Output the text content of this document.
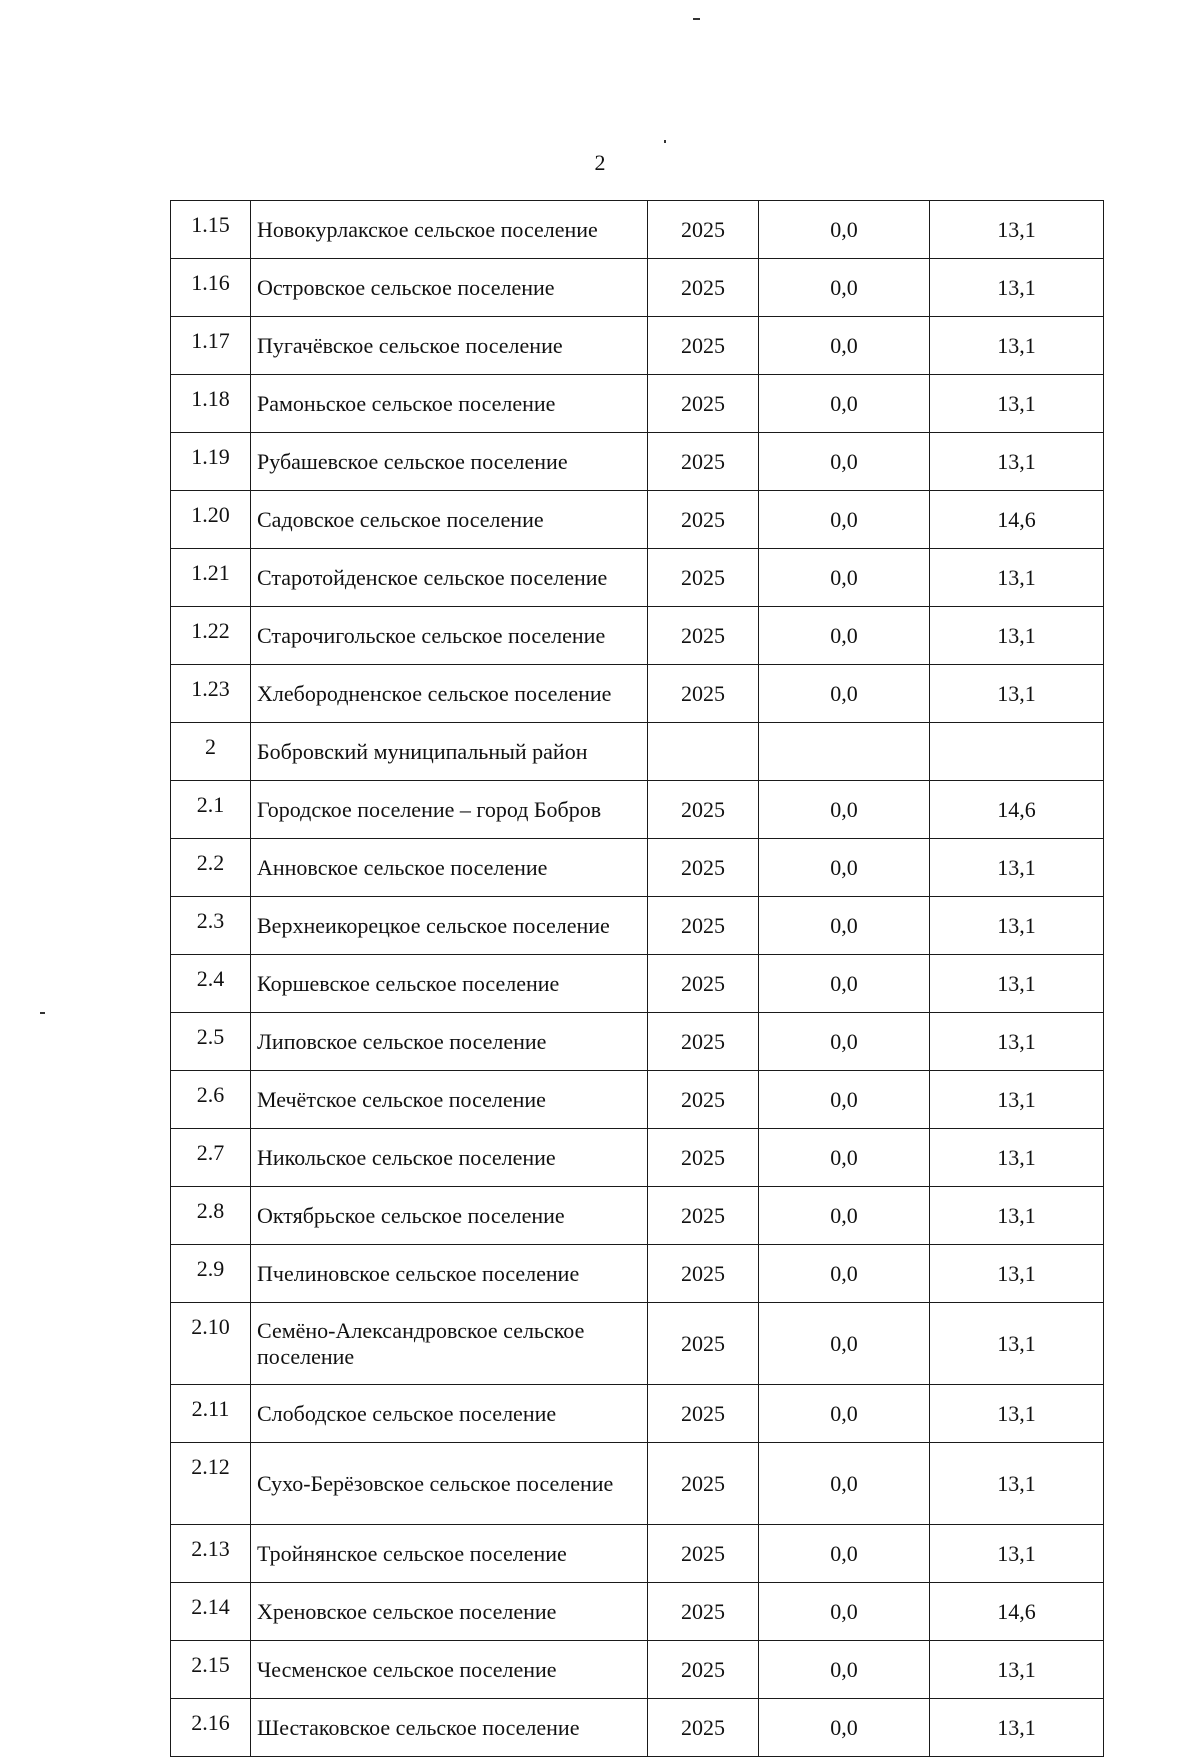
2
1.15	Новокурлакское сельское поселение	2025	0,0	13,1
1.16	Островское сельское поселение	2025	0,0	13,1
1.17	Пугачёвское сельское поселение	2025	0,0	13,1
1.18	Рамоньское сельское поселение	2025	0,0	13,1
1.19	Рубашевское сельское поселение	2025	0,0	13,1
1.20	Садовское сельское поселение	2025	0,0	14,6
1.21	Старотойденское сельское поселение	2025	0,0	13,1
1.22	Старочигольское сельское поселение	2025	0,0	13,1
1.23	Хлебородненское сельское поселение	2025	0,0	13,1
2	Бобровский муниципальный район			
2.1	Городское поселение – город Бобров	2025	0,0	14,6
2.2	Анновское сельское поселение	2025	0,0	13,1
2.3	Верхнеикорецкое сельское поселение	2025	0,0	13,1
2.4	Коршевское сельское поселение	2025	0,0	13,1
2.5	Липовское сельское поселение	2025	0,0	13,1
2.6	Мечётское сельское поселение	2025	0,0	13,1
2.7	Никольское сельское поселение	2025	0,0	13,1
2.8	Октябрьское сельское поселение	2025	0,0	13,1
2.9	Пчелиновское сельское поселение	2025	0,0	13,1
2.10	Семёно-Александровское сельское поселение	2025	0,0	13,1
2.11	Слободское сельское поселение	2025	0,0	13,1
2.12	Сухо-Берёзовское сельское поселение	2025	0,0	13,1
2.13	Тройнянское сельское поселение	2025	0,0	13,1
2.14	Хреновское сельское поселение	2025	0,0	14,6
2.15	Чесменское сельское поселение	2025	0,0	13,1
2.16	Шестаковское сельское поселение	2025	0,0	13,1
